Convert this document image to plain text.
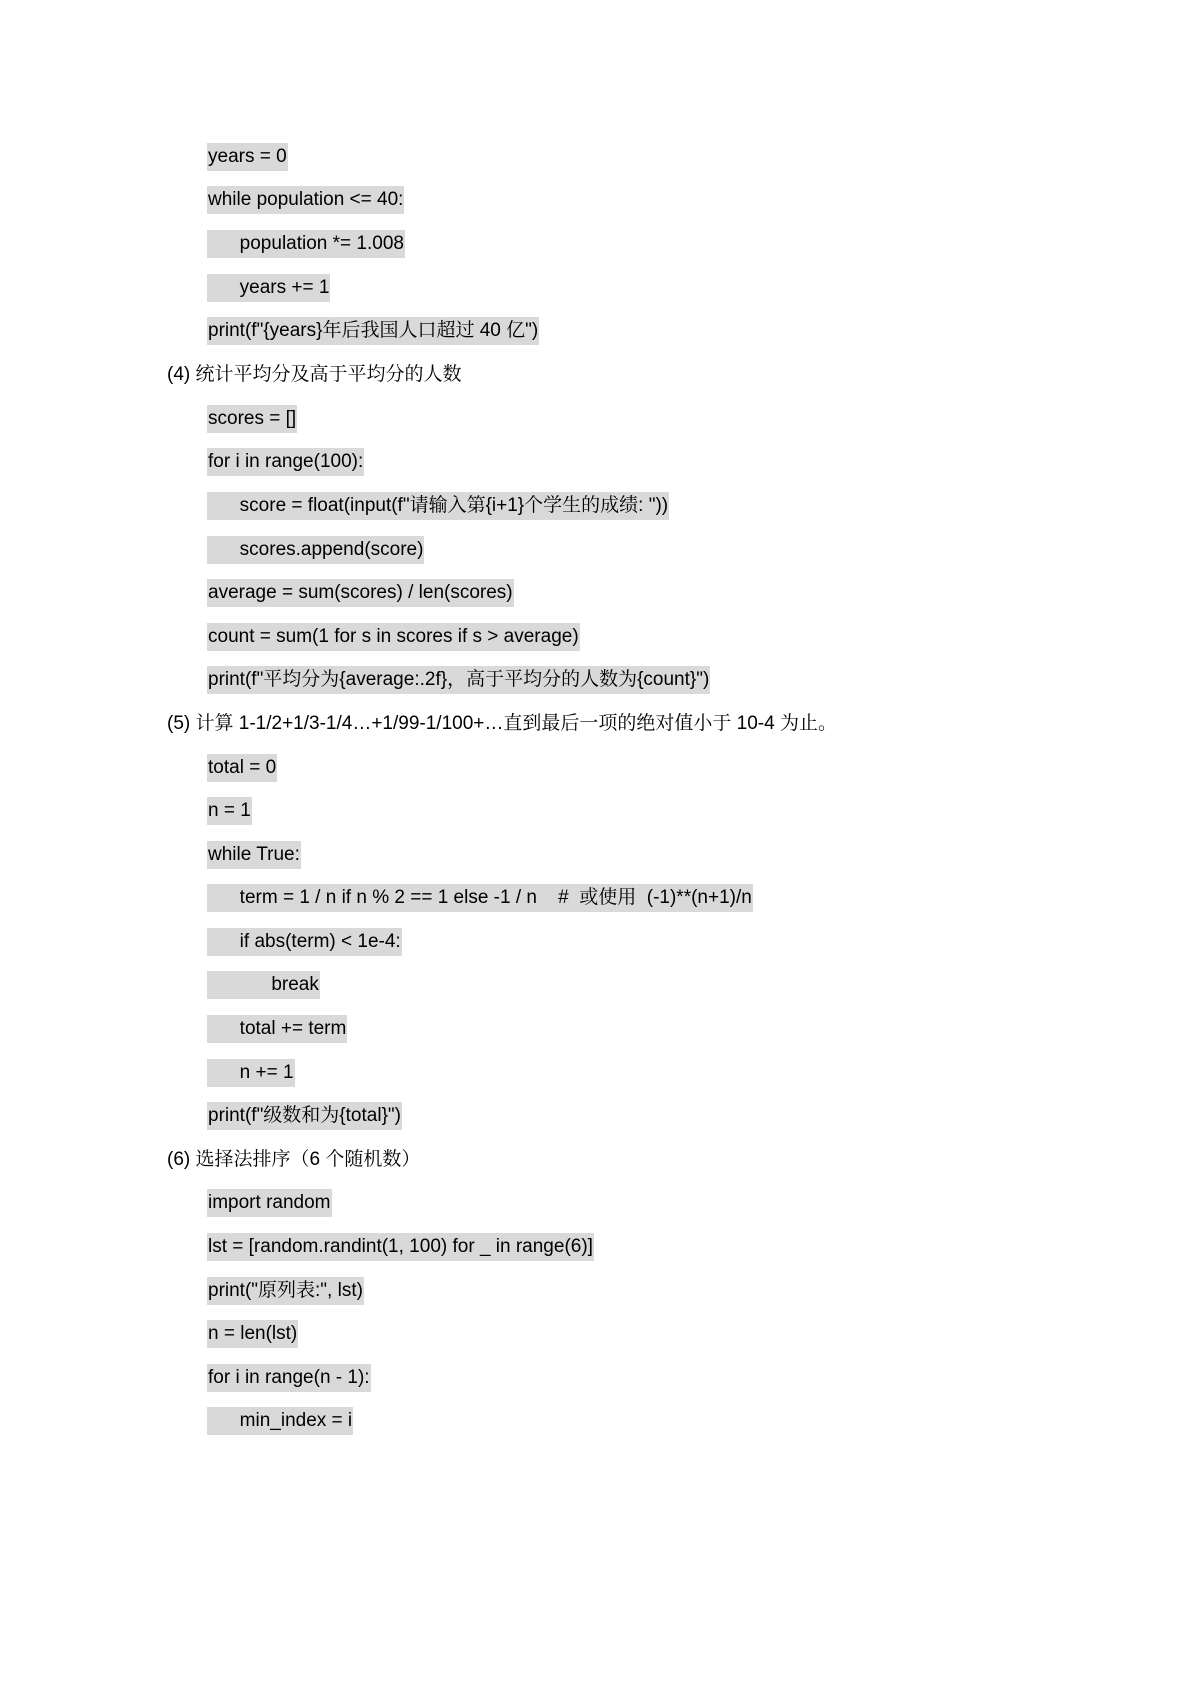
years = 0
while population <= 40:
population *= 1.008
years += 1
print(f"{years}年后我国人口超过 40 亿")
(4) 统计平均分及高于平均分的人数
scores = []
for i in range(100):
score = float(input(f"请输入第{i+1}个学生的成绩: "))
scores.append(score)
average = sum(scores) / len(scores)
count = sum(1 for s in scores if s > average)
print(f"平均分为{average:.2f}，高于平均分的人数为{count}")
(5) 计算 1-1/2+1/3-1/4…+1/99-1/100+…直到最后一项的绝对值小于 10-4 为止。
total = 0
n = 1
while True:
term = 1 / n if n % 2 == 1 else -1 / n    #  或使用  (-1)**(n+1)/n
if abs(term) < 1e-4:
break
total += term
n += 1
print(f"级数和为{total}")
(6) 选择法排序（6 个随机数）
import random
lst = [random.randint(1, 100) for _ in range(6)]
print("原列表:", lst)
n = len(lst)
for i in range(n - 1):
min_index = i
